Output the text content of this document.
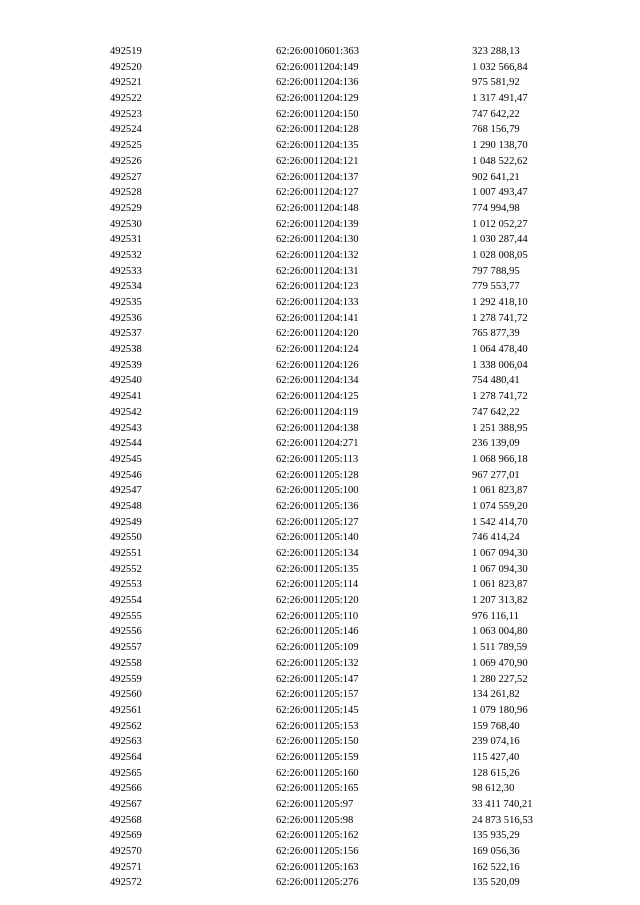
492519	62:26:0010601:363	323 288,13
492520	62:26:0011204:149	1 032 566,84
492521	62:26:0011204:136	975 581,92
492522	62:26:0011204:129	1 317 491,47
492523	62:26:0011204:150	747 642,22
492524	62:26:0011204:128	768 156,79
492525	62:26:0011204:135	1 290 138,70
492526	62:26:0011204:121	1 048 522,62
492527	62:26:0011204:137	902 641,21
492528	62:26:0011204:127	1 007 493,47
492529	62:26:0011204:148	774 994,98
492530	62:26:0011204:139	1 012 052,27
492531	62:26:0011204:130	1 030 287,44
492532	62:26:0011204:132	1 028 008,05
492533	62:26:0011204:131	797 788,95
492534	62:26:0011204:123	779 553,77
492535	62:26:0011204:133	1 292 418,10
492536	62:26:0011204:141	1 278 741,72
492537	62:26:0011204:120	765 877,39
492538	62:26:0011204:124	1 064 478,40
492539	62:26:0011204:126	1 338 006,04
492540	62:26:0011204:134	754 480,41
492541	62:26:0011204:125	1 278 741,72
492542	62:26:0011204:119	747 642,22
492543	62:26:0011204:138	1 251 388,95
492544	62:26:0011204:271	236 139,09
492545	62:26:0011205:113	1 068 966,18
492546	62:26:0011205:128	967 277,01
492547	62:26:0011205:100	1 061 823,87
492548	62:26:0011205:136	1 074 559,20
492549	62:26:0011205:127	1 542 414,70
492550	62:26:0011205:140	746 414,24
492551	62:26:0011205:134	1 067 094,30
492552	62:26:0011205:135	1 067 094,30
492553	62:26:0011205:114	1 061 823,87
492554	62:26:0011205:120	1 207 313,82
492555	62:26:0011205:110	976 116,11
492556	62:26:0011205:146	1 063 004,80
492557	62:26:0011205:109	1 511 789,59
492558	62:26:0011205:132	1 069 470,90
492559	62:26:0011205:147	1 280 227,52
492560	62:26:0011205:157	134 261,82
492561	62:26:0011205:145	1 079 180,96
492562	62:26:0011205:153	159 768,40
492563	62:26:0011205:150	239 074,16
492564	62:26:0011205:159	115 427,40
492565	62:26:0011205:160	128 615,26
492566	62:26:0011205:165	98 612,30
492567	62:26:0011205:97	33 411 740,21
492568	62:26:0011205:98	24 873 516,53
492569	62:26:0011205:162	135 935,29
492570	62:26:0011205:156	169 056,36
492571	62:26:0011205:163	162 522,16
492572	62:26:0011205:276	135 520,09
